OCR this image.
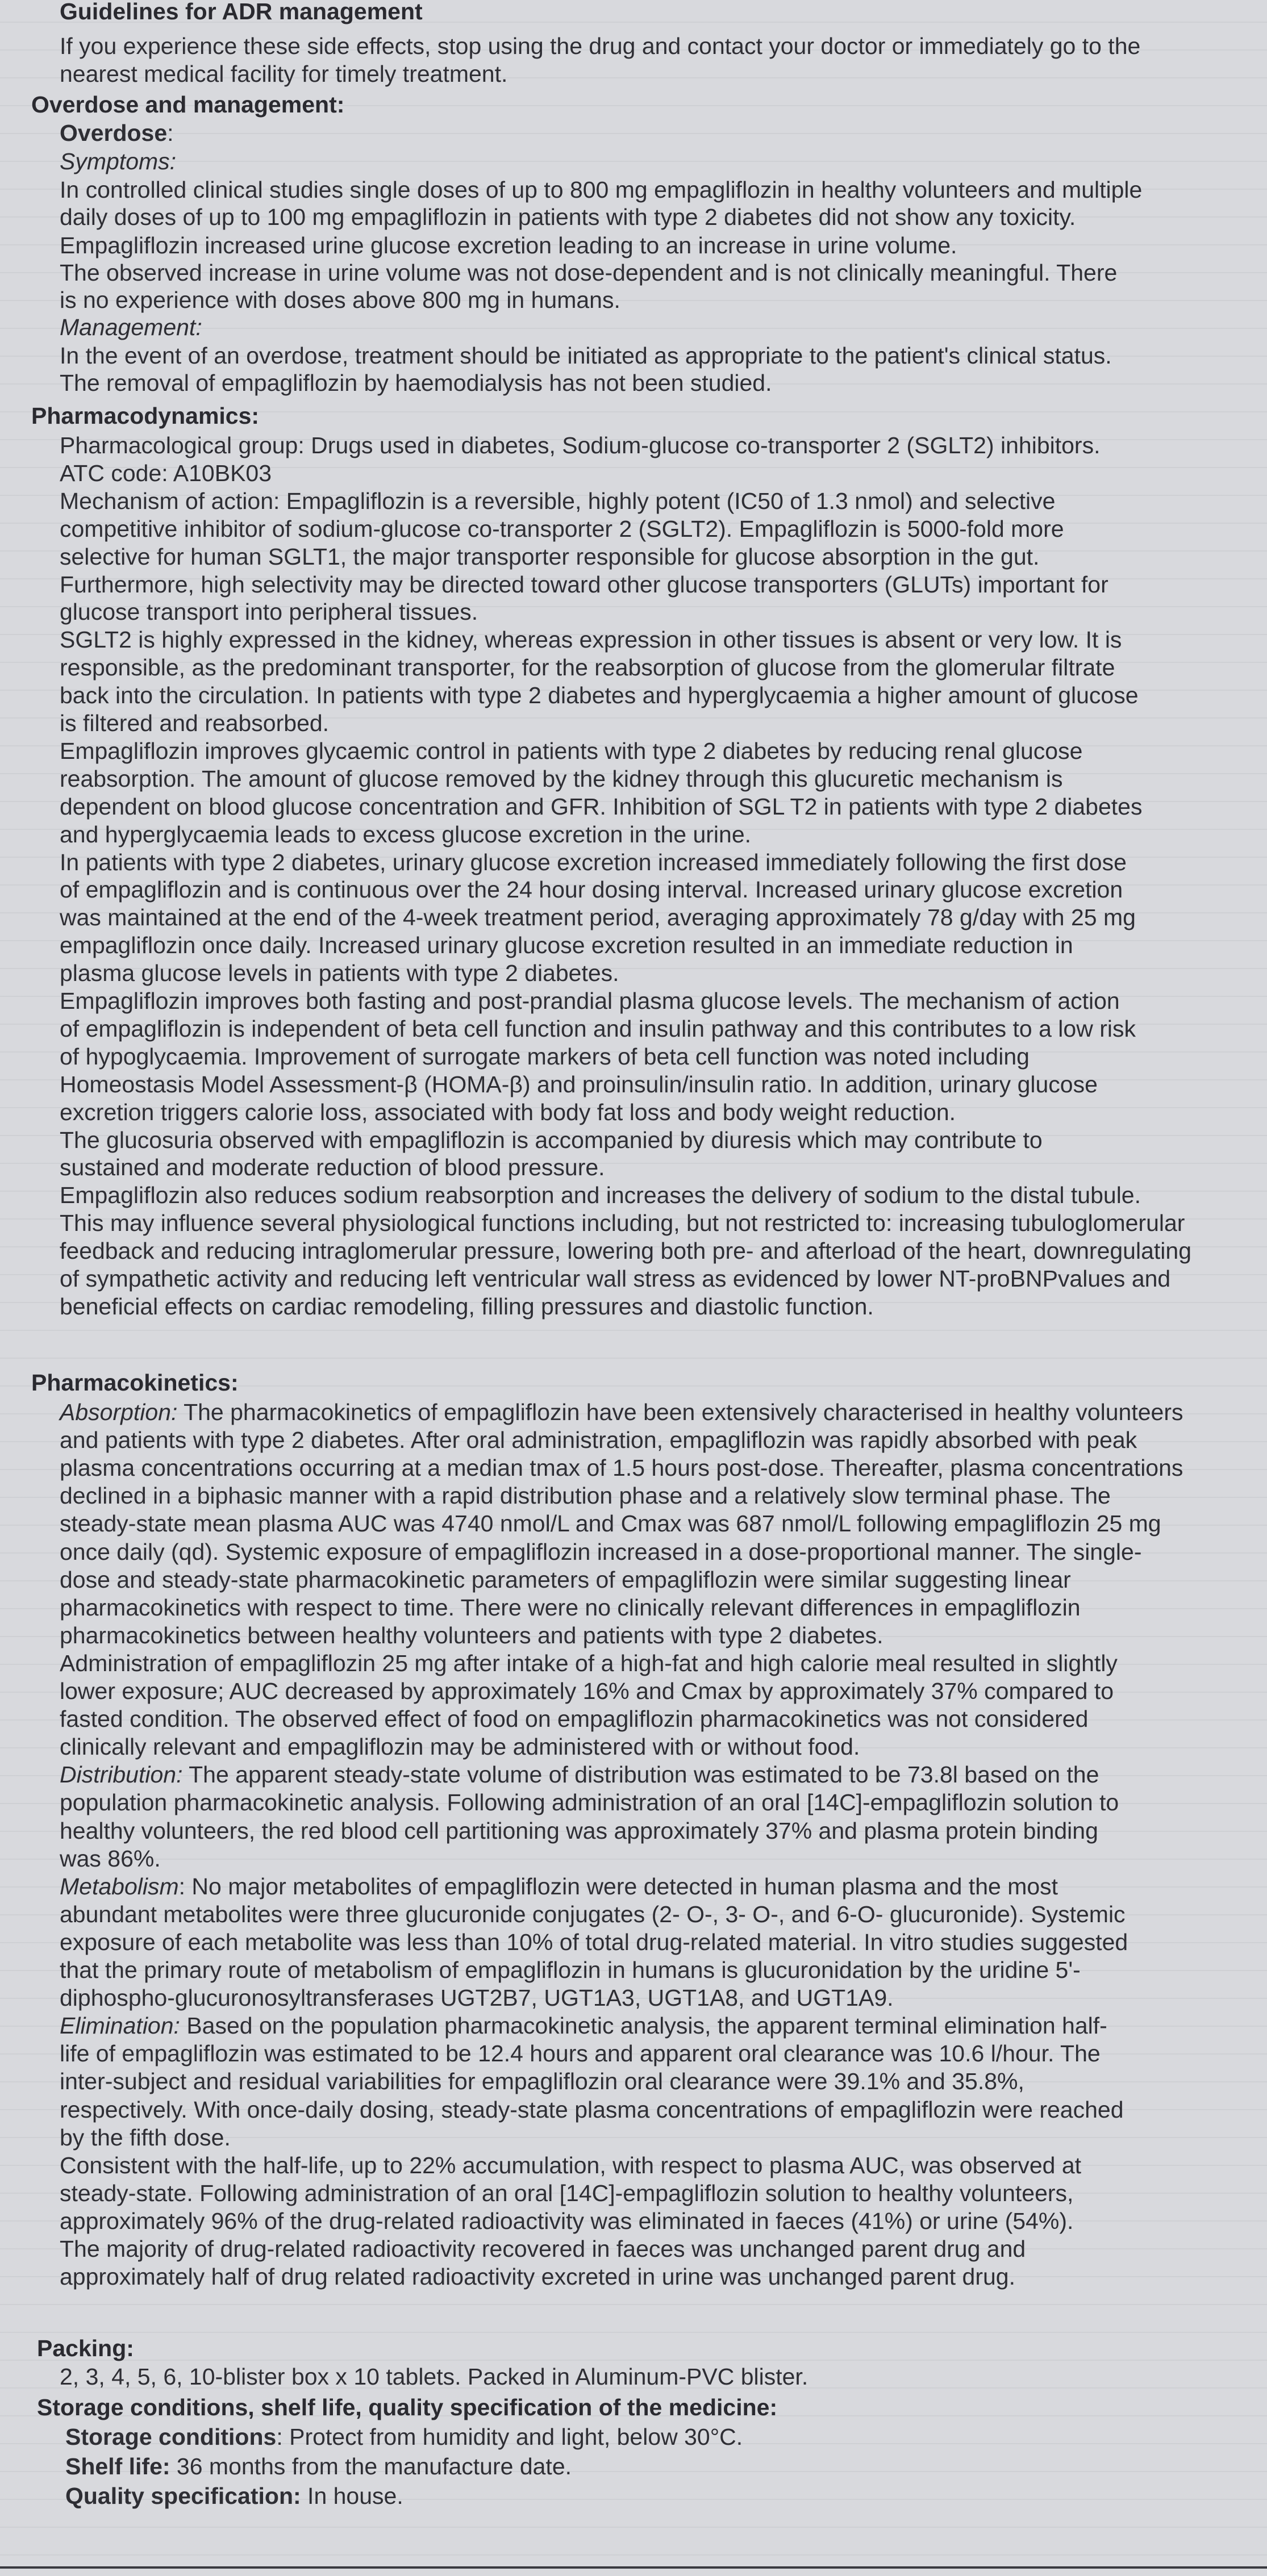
Guidelines for ADR management
If you experience these side effects, stop using the drug and contact your doctor or immediately go to the
nearest medical facility for timely treatment.
Overdose and management:
Overdose:
Symptoms:
In controlled clinical studies single doses of up to 800 mg empagliflozin in healthy volunteers and multiple
daily doses of up to 100 mg empagliflozin in patients with type 2 diabetes did not show any toxicity.
Empagliflozin increased urine glucose excretion leading to an increase in urine volume.
The observed increase in urine volume was not dose-dependent and is not clinically meaningful. There
is no experience with doses above 800 mg in humans.
Management:
In the event of an overdose, treatment should be initiated as appropriate to the patient's clinical status.
The removal of empagliflozin by haemodialysis has not been studied.
Pharmacodynamics:
Pharmacological group: Drugs used in diabetes, Sodium-glucose co-transporter 2 (SGLT2) inhibitors.
ATC code: A10BK03
Mechanism of action: Empagliflozin is a reversible, highly potent (IC50 of 1.3 nmol) and selective
competitive inhibitor of sodium-glucose co-transporter 2 (SGLT2). Empagliflozin is 5000-fold more
selective for human SGLT1, the major transporter responsible for glucose absorption in the gut.
Furthermore, high selectivity may be directed toward other glucose transporters (GLUTs) important for
glucose transport into peripheral tissues.
SGLT2 is highly expressed in the kidney, whereas expression in other tissues is absent or very low. It is
responsible, as the predominant transporter, for the reabsorption of glucose from the glomerular filtrate
back into the circulation. In patients with type 2 diabetes and hyperglycaemia a higher amount of glucose
is filtered and reabsorbed.
Empagliflozin improves glycaemic control in patients with type 2 diabetes by reducing renal glucose
reabsorption. The amount of glucose removed by the kidney through this glucuretic mechanism is
dependent on blood glucose concentration and GFR. Inhibition of SGL T2 in patients with type 2 diabetes
and hyperglycaemia leads to excess glucose excretion in the urine.
In patients with type 2 diabetes, urinary glucose excretion increased immediately following the first dose
of empagliflozin and is continuous over the 24 hour dosing interval. Increased urinary glucose excretion
was maintained at the end of the 4-week treatment period, averaging approximately 78 g/day with 25 mg
empagliflozin once daily. Increased urinary glucose excretion resulted in an immediate reduction in
plasma glucose levels in patients with type 2 diabetes.
Empagliflozin improves both fasting and post-prandial plasma glucose levels. The mechanism of action
of empagliflozin is independent of beta cell function and insulin pathway and this contributes to a low risk
of hypoglycaemia. Improvement of surrogate markers of beta cell function was noted including
Homeostasis Model Assessment-β (HOMA-β) and proinsulin/insulin ratio. In addition, urinary glucose
excretion triggers calorie loss, associated with body fat loss and body weight reduction.
The glucosuria observed with empagliflozin is accompanied by diuresis which may contribute to
sustained and moderate reduction of blood pressure.
Empagliflozin also reduces sodium reabsorption and increases the delivery of sodium to the distal tubule.
This may influence several physiological functions including, but not restricted to: increasing tubuloglomerular
feedback and reducing intraglomerular pressure, lowering both pre- and afterload of the heart, downregulating
of sympathetic activity and reducing left ventricular wall stress as evidenced by lower NT-proBNPvalues and
beneficial effects on cardiac remodeling, filling pressures and diastolic function.
Pharmacokinetics:
Absorption: The pharmacokinetics of empagliflozin have been extensively characterised in healthy volunteers
and patients with type 2 diabetes. After oral administration, empagliflozin was rapidly absorbed with peak
plasma concentrations occurring at a median tmax of 1.5 hours post-dose. Thereafter, plasma concentrations
declined in a biphasic manner with a rapid distribution phase and a relatively slow terminal phase. The
steady-state mean plasma AUC was 4740 nmol/L and Cmax was 687 nmol/L following empagliflozin 25 mg
once daily (qd). Systemic exposure of empagliflozin increased in a dose-proportional manner. The single-
dose and steady-state pharmacokinetic parameters of empagliflozin were similar suggesting linear
pharmacokinetics with respect to time. There were no clinically relevant differences in empagliflozin
pharmacokinetics between healthy volunteers and patients with type 2 diabetes.
Administration of empagliflozin 25 mg after intake of a high-fat and high calorie meal resulted in slightly
lower exposure; AUC decreased by approximately 16% and Cmax by approximately 37% compared to
fasted condition. The observed effect of food on empagliflozin pharmacokinetics was not considered
clinically relevant and empagliflozin may be administered with or without food.
Distribution: The apparent steady-state volume of distribution was estimated to be 73.8l based on the
population pharmacokinetic analysis. Following administration of an oral [14C]-empagliflozin solution to
healthy volunteers, the red blood cell partitioning was approximately 37% and plasma protein binding
was 86%.
Metabolism: No major metabolites of empagliflozin were detected in human plasma and the most
abundant metabolites were three glucuronide conjugates (2- O-, 3- O-, and 6-O- glucuronide). Systemic
exposure of each metabolite was less than 10% of total drug-related material. In vitro studies suggested
that the primary route of metabolism of empagliflozin in humans is glucuronidation by the uridine 5'-
diphospho-glucuronosyltransferases UGT2B7, UGT1A3, UGT1A8, and UGT1A9.
Elimination: Based on the population pharmacokinetic analysis, the apparent terminal elimination half-
life of empagliflozin was estimated to be 12.4 hours and apparent oral clearance was 10.6 l/hour. The
inter-subject and residual variabilities for empagliflozin oral clearance were 39.1% and 35.8%,
respectively. With once-daily dosing, steady-state plasma concentrations of empagliflozin were reached
by the fifth dose.
Consistent with the half-life, up to 22% accumulation, with respect to plasma AUC, was observed at
steady-state. Following administration of an oral [14C]-empagliflozin solution to healthy volunteers,
approximately 96% of the drug-related radioactivity was eliminated in faeces (41%) or urine (54%).
The majority of drug-related radioactivity recovered in faeces was unchanged parent drug and
approximately half of drug related radioactivity excreted in urine was unchanged parent drug.
Packing:
2, 3, 4, 5, 6, 10-blister box x 10 tablets. Packed in Aluminum-PVC blister.
Storage conditions, shelf life, quality specification of the medicine:
Storage conditions: Protect from humidity and light, below 30°C.
Shelf life: 36 months from the manufacture date.
Quality specification: In house.
